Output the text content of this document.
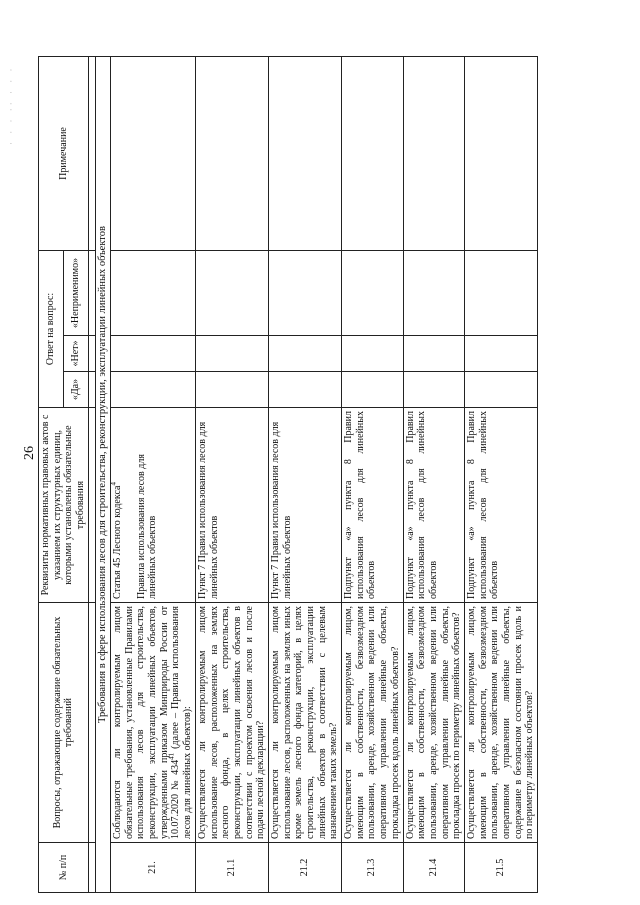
26
· · · ·· · · ·
№ п/п	Вопросы, отражающие содержание обязательных требований	Реквизиты нормативных правовых актов с указанием их структурных единиц, которыми установлены обязательные требования	Ответ на вопрос:			Примечание
			«Да»	«Нет»	«Неприменимо»	

Требования в сфере использования лесов для строительства, реконструкции, эксплуатации линейных объектов						
21.	Соблюдаются ли контролируемым лицом обязательные требования, установленные Правилами использования лесов для строительства, реконструкции, эксплуатации линейных объектов, утвержденными приказом Минприроды России от 10.07.2020 № $434^{41}$ (далее – Правила использования лесов для линейных объектов):	Статья 45 Лесного кодекса$^4$ Правила использования лесов для линейных объектов				

21.1	Осуществляется ли контролируемым лицом использование лесов, расположенных на землях лесного фонда, в целях строительства, реконструкции, эксплуатации линейных объектов в соответствии с проектом освоения лесов и после подачи лесной декларации?	Пункт 7 Правил использования лесов для линейных объектов				
21.2	Осуществляется ли контролируемым лицом использование лесов, расположенных на землях иных кроме земель лесного фонда категорий, в целях строительства, реконструкции, эксплуатации линейных объектов в соответствии с целевым назначением таких земель?	Пункт 7 Правил использования лесов для линейных объектов				
21.3	Осуществляется ли контролируемым лицом, имеющим в собственности, безвозмездном пользовании, аренде, хозяйственном ведении или оперативном управлении линейные объекты, прокладка просек вдоль линейных объектов?	Подпункт «а» пункта 8 Правил использования лесов для линейных объектов				
21.4	Осуществляется ли контролируемым лицом, имеющим в собственности, безвозмездном пользовании, аренде, хозяйственном ведении или оперативном управлении линейные объекты, прокладка просек по периметру линейных объектов?	Подпункт «а» пункта 8 Правил использования лесов для линейных объектов				
21.5	Осуществляется ли контролируемым лицом, имеющим в собственности, безвозмездном пользовании, аренде, хозяйственном ведении или оперативном управлении линейные объекты, содержание в безопасном состоянии просек вдоль и по периметру линейных объектов?	Подпункт «а» пункта 8 Правил использования лесов для линейных объектов				
